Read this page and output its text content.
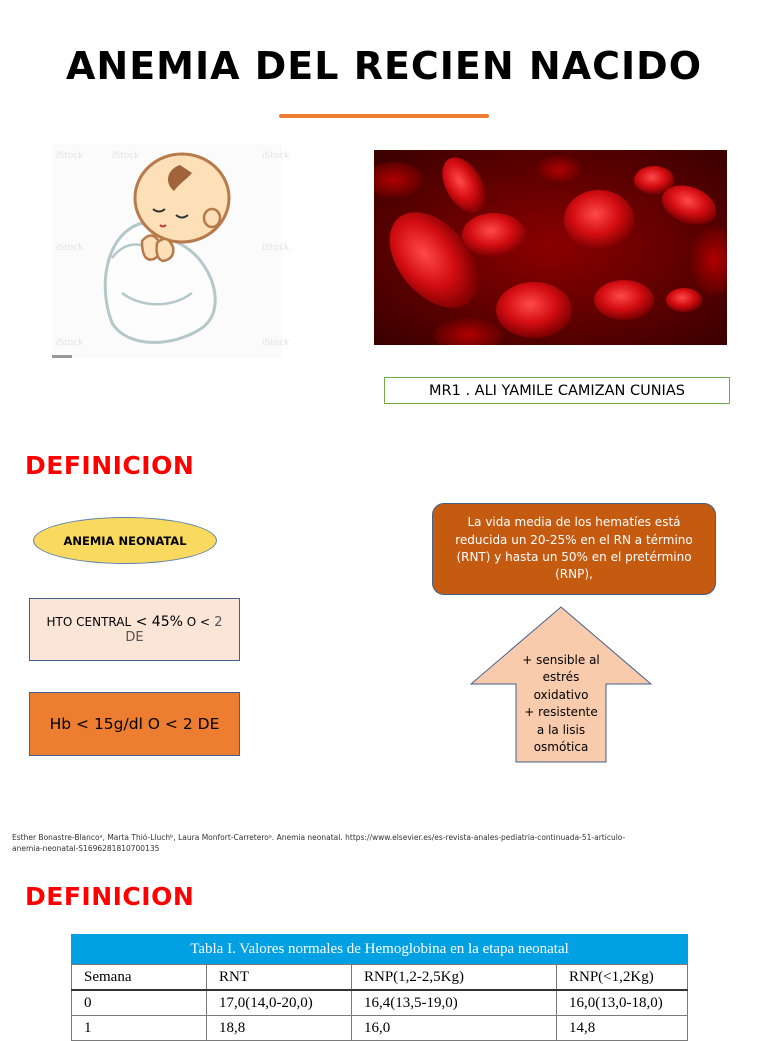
ANEMIA DEL RECIEN NACIDO
iStock	iStock	iStock
iStock	iStock
iStock	iStock
MR1 . ALI YAMILE CAMIZAN CUNIAS
DEFINICION
ANEMIA NEONATAL
HTO CENTRAL < 45% O < 2 DE
Hb < 15g/dl O < 2 DE
La vida media de los hematíes está reducida un 20-25% en el RN a término (RNT) y hasta un 50% en el pretérmino (RNP),
+ sensible al
estrés
oxidativo
+ resistente
a la lisis
osmótica
Esther Bonastre-Blancoᵃ, Marta Thió-Lluchᵇ, Laura Monfort-Carreteroᵃ. Anemia neonatal. https://www.elsevier.es/es-revista-anales-pediatria-continuada-51-articulo-anemia-neonatal-S1696281810700135
DEFINICION
Tabla I. Valores normales de Hemoglobina en la etapa neonatal
Semana	RNT	RNP(1,2-2,5Kg)	RNP(<1,2Kg)
0	17,0(14,0-20,0)	16,4(13,5-19,0)	16,0(13,0-18,0)
1	18,8	16,0	14,8
